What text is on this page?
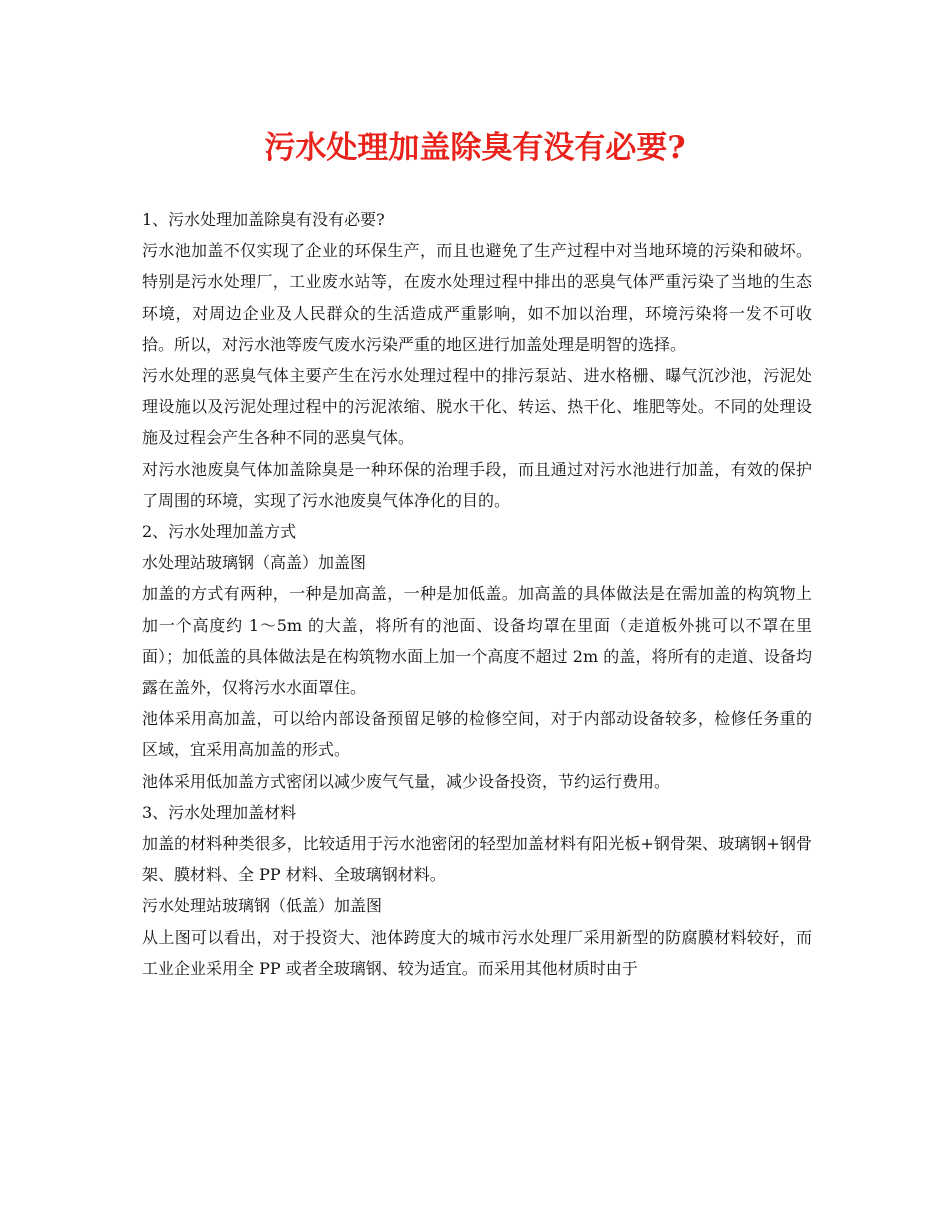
污水处理加盖除臭有没有必要?

1、污水处理加盖除臭有没有必要?

污水池加盖不仅实现了企业的环保生产，而且也避免了生产过程中对当地环境的污染和破坏。特别是污水处理厂，工业废水站等，在废水处理过程中排出的恶臭气体严重污染了当地的生态环境，对周边企业及人民群众的生活造成严重影响，如不加以治理，环境污染将一发不可收拾。所以，对污水池等废气废水污染严重的地区进行加盖处理是明智的选择。

污水处理的恶臭气体主要产生在污水处理过程中的排污泵站、进水格栅、曝气沉沙池，污泥处理设施以及污泥处理过程中的污泥浓缩、脱水干化、转运、热干化、堆肥等处。不同的处理设施及过程会产生各种不同的恶臭气体。

对污水池废臭气体加盖除臭是一种环保的治理手段，而且通过对污水池进行加盖，有效的保护了周围的环境，实现了污水池废臭气体净化的目的。

2、污水处理加盖方式

水处理站玻璃钢（高盖）加盖图

加盖的方式有两种，一种是加高盖，一种是加低盖。加高盖的具体做法是在需加盖的构筑物上加一个高度约 1～5m 的大盖，将所有的池面、设备均罩在里面（走道板外挑可以不罩在里面）；加低盖的具体做法是在构筑物水面上加一个高度不超过 2m 的盖，将所有的走道、设备均露在盖外，仅将污水水面罩住。

池体采用高加盖，可以给内部设备预留足够的检修空间，对于内部动设备较多，检修任务重的区域，宜采用高加盖的形式。

池体采用低加盖方式密闭以减少废气气量，减少设备投资，节约运行费用。

3、污水处理加盖材料

加盖的材料种类很多，比较适用于污水池密闭的轻型加盖材料有阳光板+钢骨架、玻璃钢+钢骨架、膜材料、全 PP 材料、全玻璃钢材料。

污水处理站玻璃钢（低盖）加盖图

从上图可以看出，对于投资大、池体跨度大的城市污水处理厂采用新型的防腐膜材料较好，而工业企业采用全 PP 或者全玻璃钢、较为适宜。而采用其他材质时由于
